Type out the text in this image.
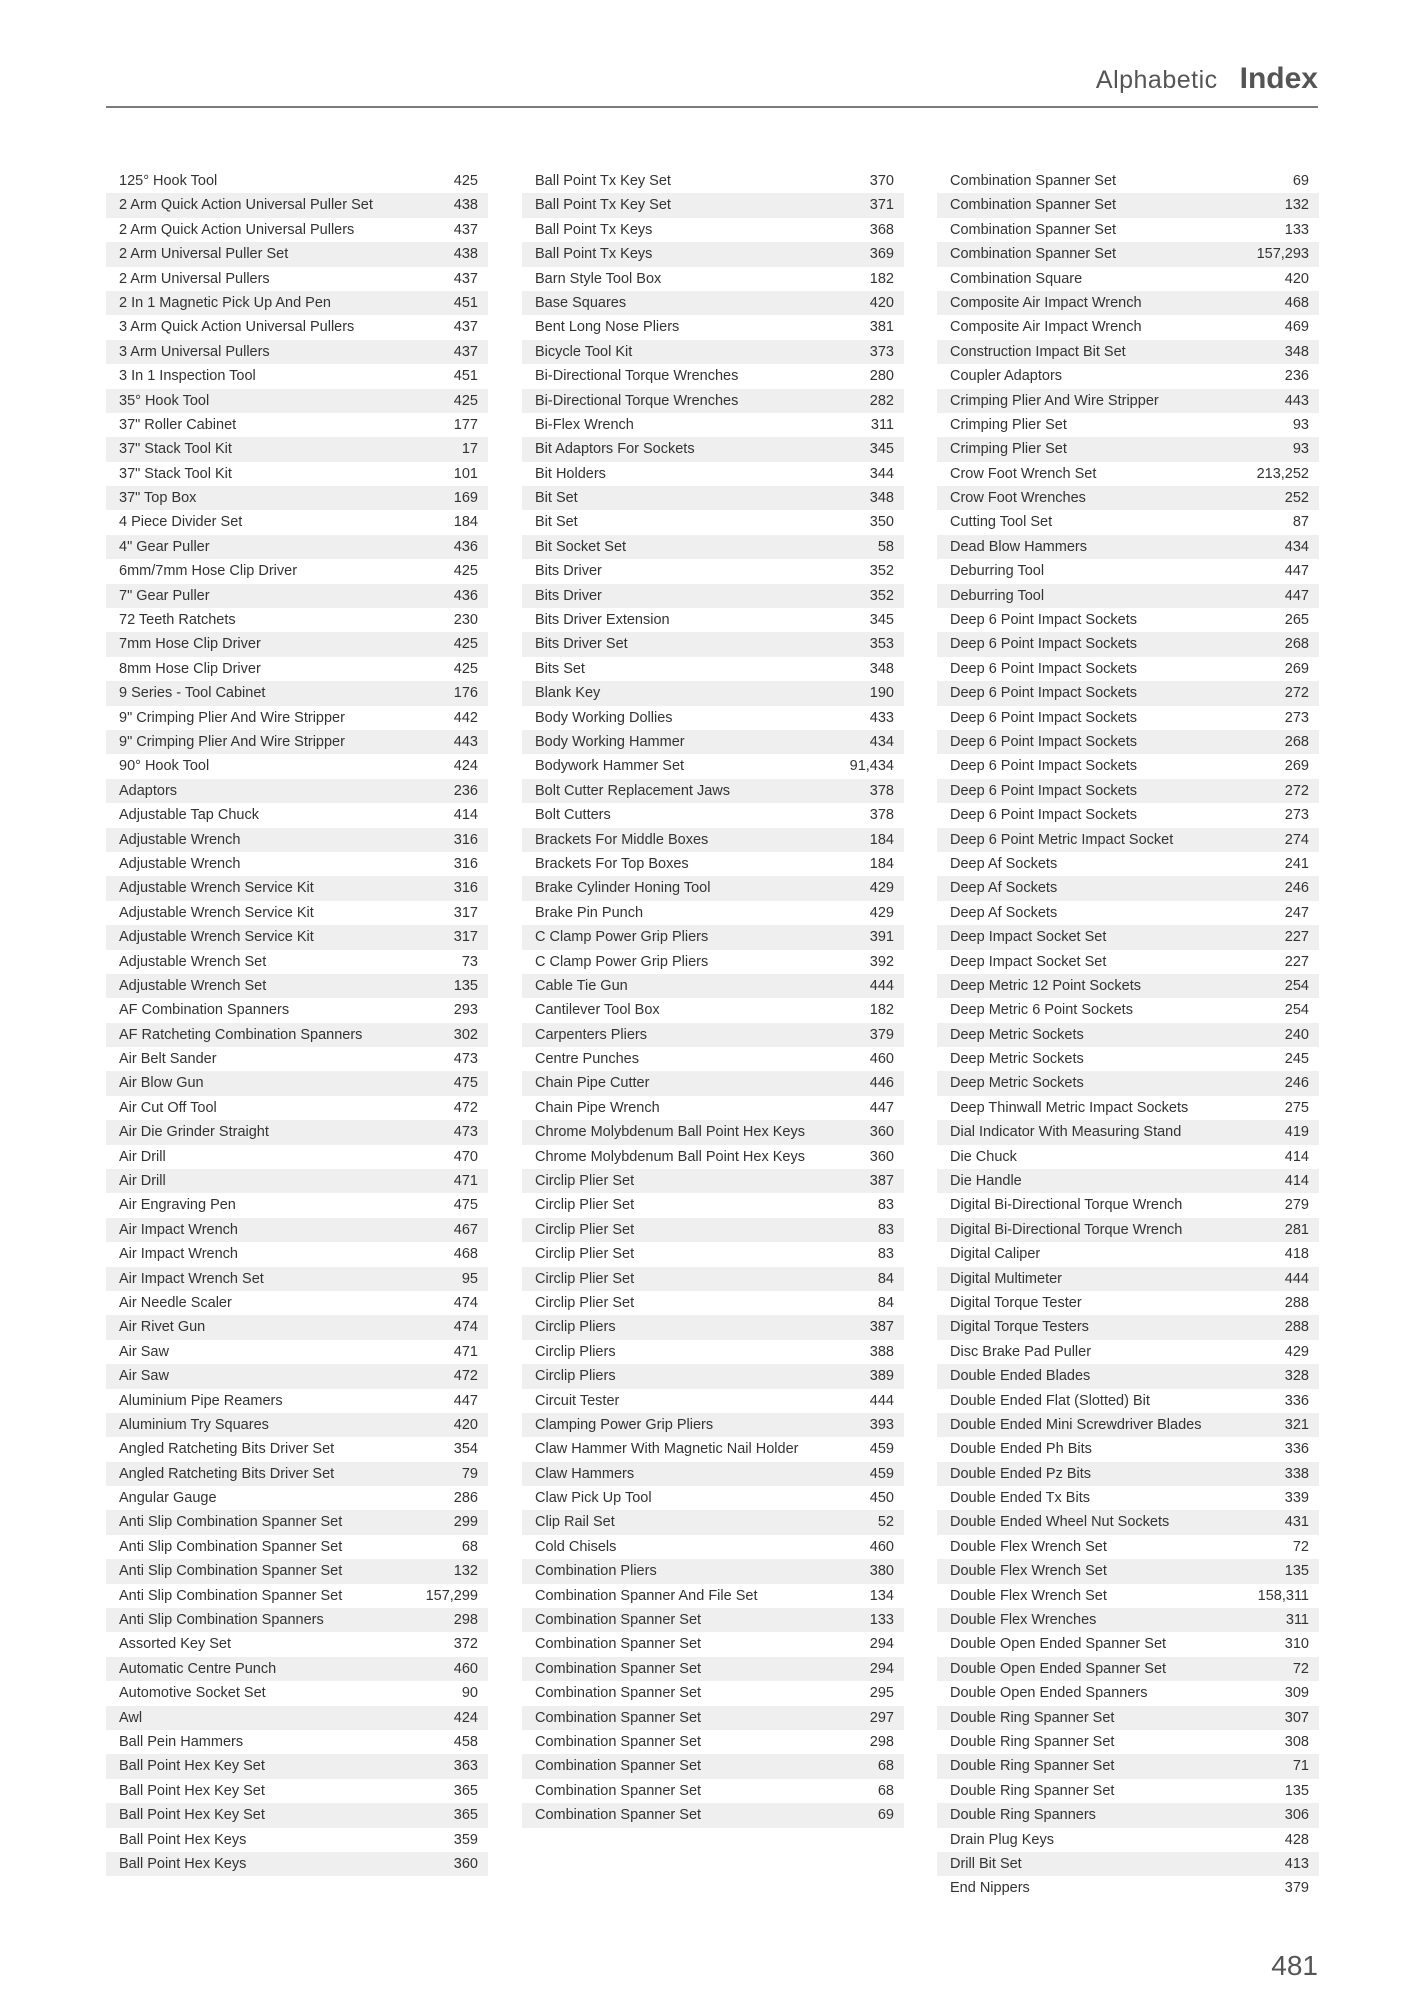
Alphabetic Index
125° Hook Tool	425
2 Arm Quick Action Universal Puller Set	438
2 Arm Quick Action Universal Pullers	437
2 Arm Universal Puller Set	438
2 Arm Universal Pullers	437
2 In 1 Magnetic Pick Up And Pen	451
3 Arm Quick Action Universal Pullers	437
3 Arm Universal Pullers	437
3 In 1 Inspection Tool	451
35° Hook Tool	425
37" Roller Cabinet	177
37" Stack Tool Kit	17
37" Stack Tool Kit	101
37" Top Box	169
4 Piece Divider Set	184
4" Gear Puller	436
6mm/7mm Hose Clip Driver	425
7" Gear Puller	436
72 Teeth Ratchets	230
7mm Hose Clip Driver	425
8mm Hose Clip Driver	425
9 Series - Tool Cabinet	176
9" Crimping Plier And Wire Stripper	442
9" Crimping Plier And Wire Stripper	443
90° Hook Tool	424
Adaptors	236
Adjustable Tap Chuck	414
Adjustable Wrench	316
Adjustable Wrench	316
Adjustable Wrench Service Kit	316
Adjustable Wrench Service Kit	317
Adjustable Wrench Service Kit	317
Adjustable Wrench Set	73
Adjustable Wrench Set	135
AF Combination Spanners	293
AF Ratcheting Combination Spanners	302
Air Belt Sander	473
Air Blow Gun	475
Air Cut Off Tool	472
Air Die Grinder Straight	473
Air Drill	470
Air Drill	471
Air Engraving Pen	475
Air Impact Wrench	467
Air Impact Wrench	468
Air Impact Wrench Set	95
Air Needle Scaler	474
Air Rivet Gun	474
Air Saw	471
Air Saw	472
Aluminium Pipe Reamers	447
Aluminium Try Squares	420
Angled Ratcheting Bits Driver Set	354
Angled Ratcheting Bits Driver Set	79
Angular Gauge	286
Anti Slip Combination Spanner Set	299
Anti Slip Combination Spanner Set	68
Anti Slip Combination Spanner Set	132
Anti Slip Combination Spanner Set	157,299
Anti Slip Combination Spanners	298
Assorted Key Set	372
Automatic Centre Punch	460
Automotive Socket Set	90
Awl	424
Ball Pein Hammers	458
Ball Point Hex Key Set	363
Ball Point Hex Key Set	365
Ball Point Hex Key Set	365
Ball Point Hex Keys	359
Ball Point Hex Keys	360
Ball Point Tx Key Set	370
Ball Point Tx Key Set	371
Ball Point Tx Keys	368
Ball Point Tx Keys	369
Barn Style Tool Box	182
Base Squares	420
Bent Long Nose Pliers	381
Bicycle Tool Kit	373
Bi-Directional Torque Wrenches	280
Bi-Directional Torque Wrenches	282
Bi-Flex Wrench	311
Bit Adaptors For Sockets	345
Bit Holders	344
Bit Set	348
Bit Set	350
Bit Socket Set	58
Bits Driver	352
Bits Driver	352
Bits Driver Extension	345
Bits Driver Set	353
Bits Set	348
Blank Key	190
Body Working Dollies	433
Body Working Hammer	434
Bodywork Hammer Set	91,434
Bolt Cutter Replacement Jaws	378
Bolt Cutters	378
Brackets For Middle Boxes	184
Brackets For Top Boxes	184
Brake Cylinder Honing Tool	429
Brake Pin Punch	429
C Clamp Power Grip Pliers	391
C Clamp Power Grip Pliers	392
Cable Tie Gun	444
Cantilever Tool Box	182
Carpenters Pliers	379
Centre Punches	460
Chain Pipe Cutter	446
Chain Pipe Wrench	447
Chrome Molybdenum Ball Point Hex Keys	360
Chrome Molybdenum Ball Point Hex Keys	360
Circlip Plier Set	387
Circlip Plier Set	83
Circlip Plier Set	83
Circlip Plier Set	83
Circlip Plier Set	84
Circlip Plier Set	84
Circlip Pliers	387
Circlip Pliers	388
Circlip Pliers	389
Circuit Tester	444
Clamping Power Grip Pliers	393
Claw Hammer With Magnetic Nail Holder	459
Claw Hammers	459
Claw Pick Up Tool	450
Clip Rail Set	52
Cold Chisels	460
Combination Pliers	380
Combination Spanner And File Set	134
Combination Spanner Set	133
Combination Spanner Set	294
Combination Spanner Set	294
Combination Spanner Set	295
Combination Spanner Set	297
Combination Spanner Set	298
Combination Spanner Set	68
Combination Spanner Set	68
Combination Spanner Set	69
Combination Spanner Set	69
Combination Spanner Set	132
Combination Spanner Set	133
Combination Spanner Set	157,293
Combination Square	420
Composite Air Impact Wrench	468
Composite Air Impact Wrench	469
Construction Impact Bit Set	348
Coupler Adaptors	236
Crimping Plier And Wire Stripper	443
Crimping Plier Set	93
Crimping Plier Set	93
Crow Foot Wrench Set	213,252
Crow Foot Wrenches	252
Cutting Tool Set	87
Dead Blow Hammers	434
Deburring Tool	447
Deburring Tool	447
Deep 6 Point Impact Sockets	265
Deep 6 Point Impact Sockets	268
Deep 6 Point Impact Sockets	269
Deep 6 Point Impact Sockets	272
Deep 6 Point Impact Sockets	273
Deep 6 Point Impact Sockets	268
Deep 6 Point Impact Sockets	269
Deep 6 Point Impact Sockets	272
Deep 6 Point Impact Sockets	273
Deep 6 Point Metric Impact Socket	274
Deep Af Sockets	241
Deep Af Sockets	246
Deep Af Sockets	247
Deep Impact Socket Set	227
Deep Impact Socket Set	227
Deep Metric 12 Point Sockets	254
Deep Metric 6 Point Sockets	254
Deep Metric Sockets	240
Deep Metric Sockets	245
Deep Metric Sockets	246
Deep Thinwall Metric Impact Sockets	275
Dial Indicator With Measuring Stand	419
Die Chuck	414
Die Handle	414
Digital Bi-Directional Torque Wrench	279
Digital Bi-Directional Torque Wrench	281
Digital Caliper	418
Digital Multimeter	444
Digital Torque Tester	288
Digital Torque Testers	288
Disc Brake Pad Puller	429
Double Ended Blades	328
Double Ended Flat (Slotted) Bit	336
Double Ended Mini Screwdriver Blades	321
Double Ended Ph Bits	336
Double Ended Pz Bits	338
Double Ended Tx Bits	339
Double Ended Wheel Nut Sockets	431
Double Flex Wrench Set	72
Double Flex Wrench Set	135
Double Flex Wrench Set	158,311
Double Flex Wrenches	311
Double Open Ended Spanner Set	310
Double Open Ended Spanner Set	72
Double Open Ended Spanners	309
Double Ring Spanner Set	307
Double Ring Spanner Set	308
Double Ring Spanner Set	71
Double Ring Spanner Set	135
Double Ring Spanners	306
Drain Plug Keys	428
Drill Bit Set	413
End Nippers	379
481
